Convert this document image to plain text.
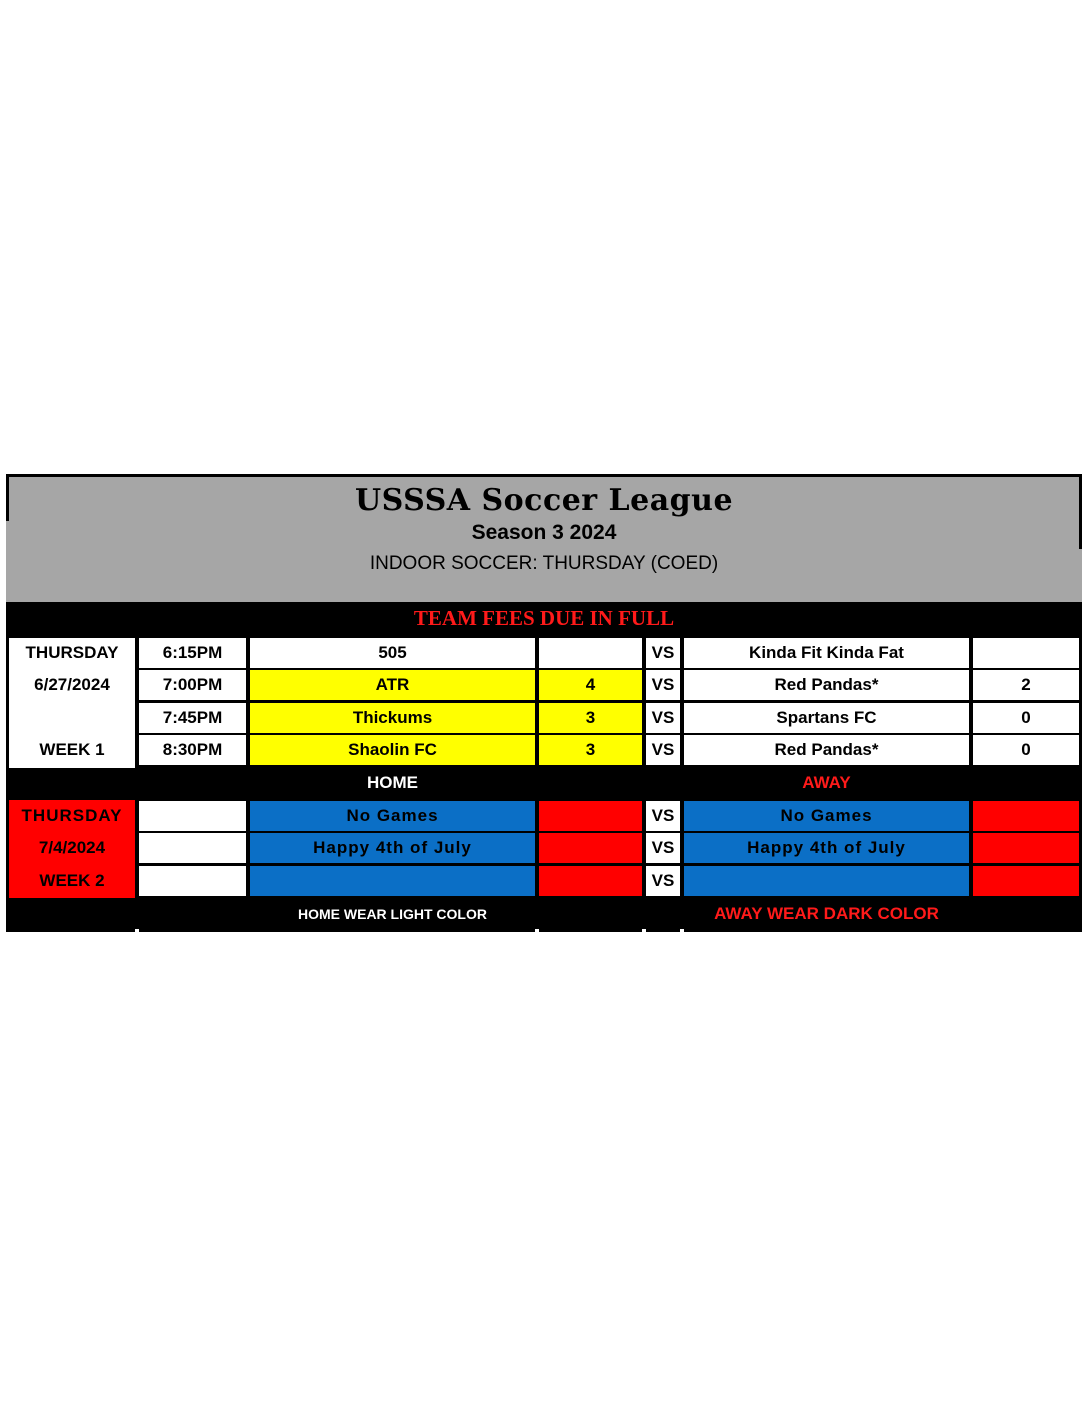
USSSA Soccer League
Season 3 2024
INDOOR SOCCER: THURSDAY (COED)
TEAM FEES DUE IN FULL
THURSDAY
6/27/2024
WEEK 1
6:15PM	505	VS	Kinda Fit Kinda Fat
7:00PM	ATR	4	VS	Red Pandas*	2
7:45PM	Thickums	3	VS	Spartans FC	0
8:30PM	Shaolin FC	3	VS	Red Pandas*	0
HOME	AWAY
THURSDAY
7/4/2024
WEEK 2
No Games	VS	No Games
Happy 4th of July	VS	Happy 4th of July
VS
HOME WEAR LIGHT COLOR	AWAY WEAR DARK COLOR
